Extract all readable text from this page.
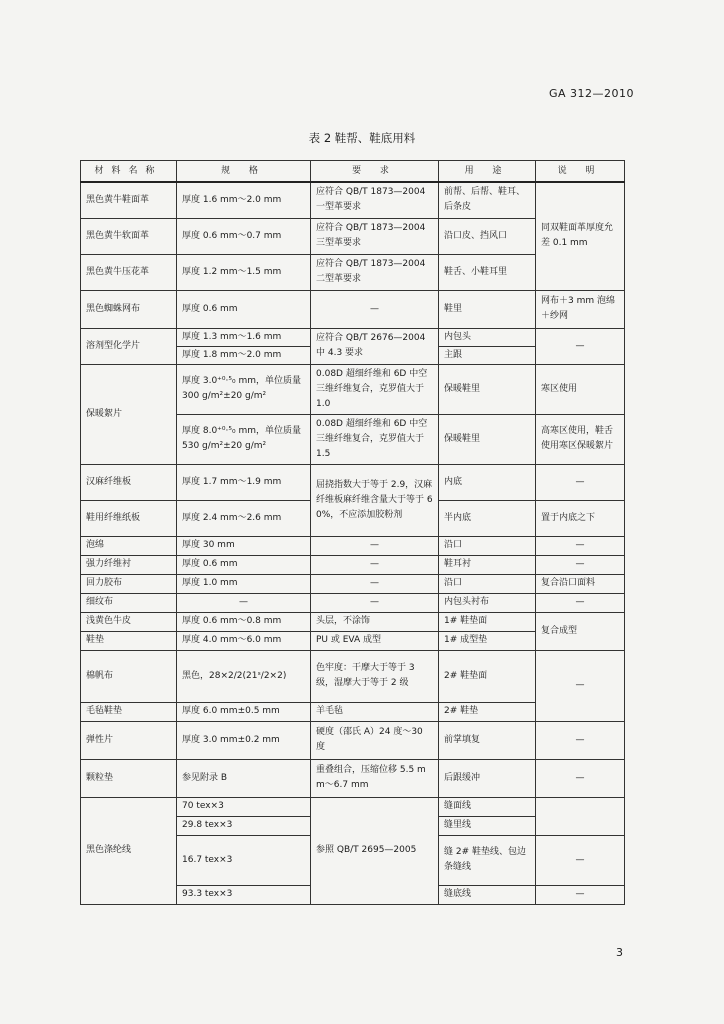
GA 312—2010
表 2 鞋帮、鞋底用料
材料名称	规 格	要 求	用 途	说 明
黑色黄牛鞋面革	厚度 1.6 mm～2.0 mm	应符合 QB/T 1873—2004 一型革要求	前帮、后帮、鞋耳、后条皮	同双鞋面革厚度允差 0.1 mm
黑色黄牛软面革	厚度 0.6 mm～0.7 mm	应符合 QB/T 1873—2004 三型革要求	沿口皮、挡风口	
黑色黄牛压花革	厚度 1.2 mm～1.5 mm	应符合 QB/T 1873—2004 二型革要求	鞋舌、小鞋耳里	
黑色蜘蛛网布	厚度 0.6 mm	—	鞋里	网布＋3 mm 泡绵＋纱网
溶剂型化学片	厚度 1.3 mm～1.6 mm	应符合 QB/T 2676—2004 中 4.3 要求	内包头	—
	厚度 1.8 mm～2.0 mm		主跟	
保暖絮片	厚度 3.0⁺⁰·⁵₀ mm，单位质量 300 g/m²±20 g/m²	0.08D 超细纤维和 6D 中空三维纤维复合，克罗值大于 1.0	保暖鞋里	寒区使用
	厚度 8.0⁺⁰·⁵₀ mm，单位质量 530 g/m²±20 g/m²	0.08D 超细纤维和 6D 中空三维纤维复合，克罗值大于 1.5	保暖鞋里	高寒区使用，鞋舌使用寒区保暖絮片
汉麻纤维板	厚度 1.7 mm～1.9 mm	屈挠指数大于等于 2.9，汉麻纤维板麻纤维含量大于等于 60%，不应添加胶粉剂	内底	—
鞋用纤维纸板	厚度 2.4 mm～2.6 mm		半内底	置于内底之下
泡绵	厚度 30 mm	—	沿口	—
强力纤维衬	厚度 0.6 mm	—	鞋耳衬	—
回力胶布	厚度 1.0 mm	—	沿口	复合沿口面料
细纹布	—	—	内包头衬布	—
浅黄色牛皮	厚度 0.6 mm～0.8 mm	头层，不涂饰	1# 鞋垫面	复合成型
鞋垫	厚度 4.0 mm～6.0 mm	PU 或 EVA 成型	1# 成型垫	
棉帆布	黑色，28×2/2(21ˢ/2×2)	色牢度：干摩大于等于 3 级，湿摩大于等于 2 级	2# 鞋垫面	—
毛毡鞋垫	厚度 6.0 mm±0.5 mm	羊毛毡	2# 鞋垫	
弹性片	厚度 3.0 mm±0.2 mm	硬度（邵氏 A）24 度～30 度	前掌填复	—
颗粒垫	参见附录 B	重叠组合，压缩位移 5.5 mm～6.7 mm	后跟缓冲	—
黑色涤纶线	70 tex×3	参照 QB/T 2695—2005	缝面线	
	29.8 tex×3		缝里线	
	16.7 tex×3		缝 2# 鞋垫线、包边条缝线	—
	93.3 tex×3		缝底线	—
3
